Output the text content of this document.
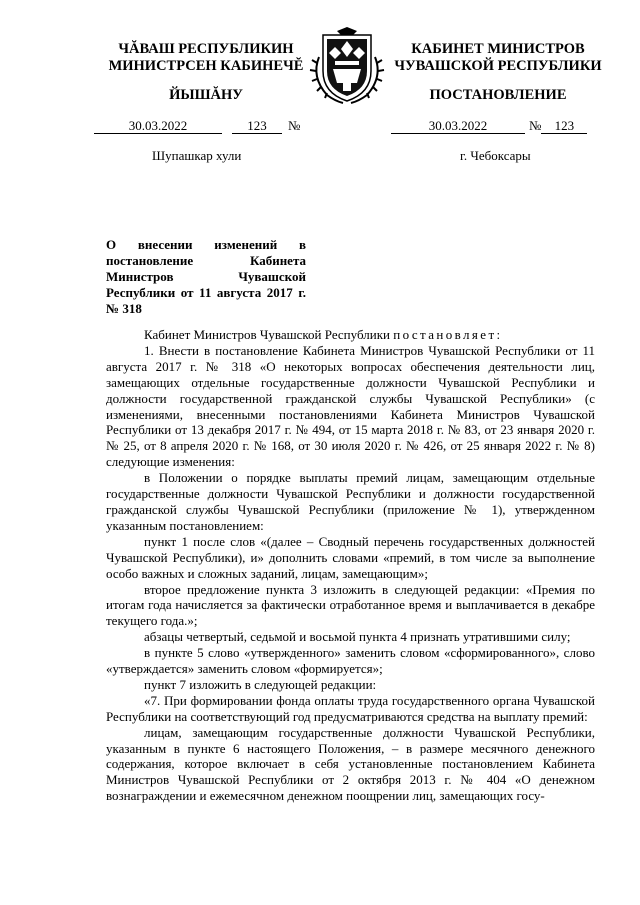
ЧĂВАШ РЕСПУБЛИКИН
МИНИСТРСЕН КАБИНЕЧĔ
ЙЫШĂНУ
КАБИНЕТ МИНИСТРОВ
ЧУВАШСКОЙ РЕСПУБЛИКИ
ПОСТАНОВЛЕНИЕ
30.03.2022	123 №	30.03.2022	№ 123
Шупашкар хули	г. Чебоксары
О внесении изменений в постановление Кабинета Министров Чувашской Республики от 11 августа 2017 г. № 318

Кабинет Министров Чувашской Республики постановляет:

1. Внести в постановление Кабинета Министров Чувашской Республики от 11 августа 2017 г. № 318 «О некоторых вопросах обеспечения деятельности лиц, замещающих отдельные государственные должности Чувашской Республики и должности государственной гражданской службы Чувашской Республики» (с изменениями, внесенными постановлениями Кабинета Министров Чувашской Республики от 13 декабря 2017 г. № 494, от 15 марта 2018 г. № 83, от 23 января 2020 г. № 25, от 8 апреля 2020 г. № 168, от 30 июля 2020 г. № 426, от 25 января 2022 г. № 8) следующие изменения:

в Положении о порядке выплаты премий лицам, замещающим отдельные государственные должности Чувашской Республики и должности государственной гражданской службы Чувашской Республики (приложение № 1), утвержденном указанным постановлением:

пункт 1 после слов «(далее – Сводный перечень государственных должностей Чувашской Республики), и» дополнить словами «премий, в том числе за выполнение особо важных и сложных заданий, лицам, замещающим»;

второе предложение пункта 3 изложить в следующей редакции: «Премия по итогам года начисляется за фактически отработанное время и выплачивается в декабре текущего года.»;

абзацы четвертый, седьмой и восьмой пункта 4 признать утратившими силу;

в пункте 5 слово «утвержденного» заменить словом «сформированного», слово «утверждается» заменить словом «формируется»;

пункт 7 изложить в следующей редакции:

«7. При формировании фонда оплаты труда государственного органа Чувашской Республики на соответствующий год предусматриваются средства на выплату премий:

лицам, замещающим государственные должности Чувашской Республики, указанным в пункте 6 настоящего Положения, – в размере месячного денежного содержания, которое включает в себя установленные постановлением Кабинета Министров Чувашской Республики от 2 октября 2013 г. № 404 «О денежном вознаграждении и ежемесячном денежном поощрении лиц, замещающих госу-
